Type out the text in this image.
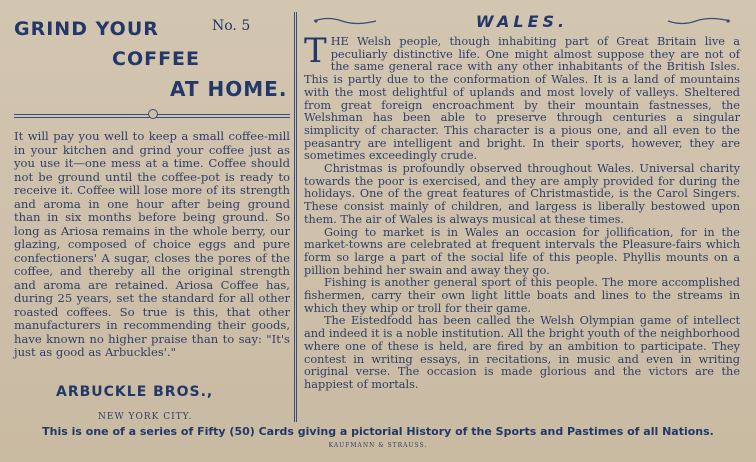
GRIND YOUR	No. 5
COFFEE
AT HOME.
It will pay you well to keep a small coffee-mill in your kitchen and grind your coffee just as you use it—one mess at a time. Coffee should not be ground until the coffee-pot is ready to receive it. Coffee will lose more of its strength and aroma in one hour after being ground than in six months before being ground. So long as Ariosa remains in the whole berry, our glazing, composed of choice eggs and pure confectioners' A sugar, closes the pores of the coffee, and thereby all the original strength and aroma are retained. Ariosa Coffee has, during 25 years, set the standard for all other roasted coffees. So true is this, that other manufacturers in recommending their goods, have known no higher praise than to say: "It's just as good as Arbuckles'."
ARBUCKLE BROS.,
NEW YORK CITY.
WALES.

THE Welsh people, though inhabiting part of Great Britain live a peculiarly distinctive life. One might almost suppose they are not of the same general race with any other inhabitants of the British Isles. This is partly due to the conformation of Wales. It is a land of mountains with the most delightful of uplands and most lovely of valleys. Sheltered from great foreign encroachment by their mountain fastnesses, the Welshman has been able to preserve through centuries a singular simplicity of character. This character is a pious one, and all even to the peasantry are intelligent and bright. In their sports, however, they are sometimes exceedingly crude.

Christmas is profoundly observed throughout Wales. Universal charity towards the poor is exercised, and they are amply provided for during the holidays. One of the great features of Christmastide, is the Carol Singers. These consist mainly of children, and largess is liberally bestowed upon them. The air of Wales is always musical at these times.

Going to market is in Wales an occasion for jollification, for in the market-towns are celebrated at frequent intervals the Pleasure-fairs which form so large a part of the social life of this people. Phyllis mounts on a pillion behind her swain and away they go.

Fishing is another general sport of this people. The more accomplished fishermen, carry their own light little boats and lines to the streams in which they whip or troll for their game.

The Eistedfodd has been called the Welsh Olympian game of intellect and indeed it is a noble institution. All the bright youth of the neighborhood where one of these is held, are fired by an ambition to participate. They contest in writing essays, in recitations, in music and even in writing original verse. The occasion is made glorious and the victors are the happiest of mortals.

This is one of a series of Fifty (50) Cards giving a pictorial History of the Sports and Pastimes of all Nations.
KAUFMANN & STRAUSS.
